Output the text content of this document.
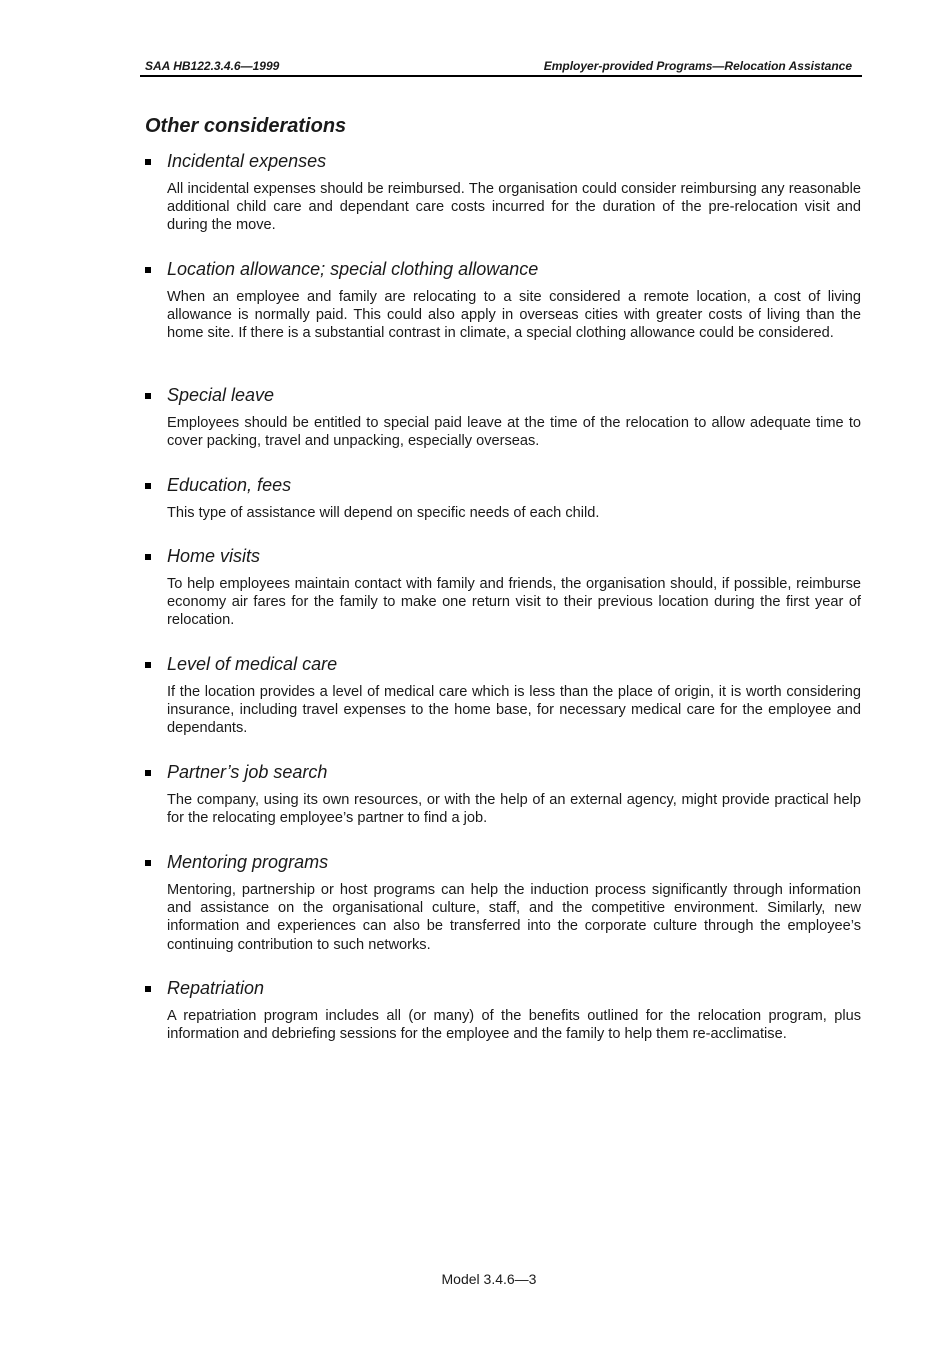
SAA HB122.3.4.6—1999	Employer-provided Programs—Relocation Assistance
Other considerations
Incidental expenses

All incidental expenses should be reimbursed. The organisation could consider reimbursing any reasonable additional child care and dependant care costs incurred for the duration of the pre-relocation visit and during the move.

Location allowance; special clothing allowance

When an employee and family are relocating to a site considered a remote location, a cost of living allowance is normally paid. This could also apply in overseas cities with greater costs of living than the home site. If there is a substantial contrast in climate, a special clothing allowance could be considered.

Special leave

Employees should be entitled to special paid leave at the time of the relocation to allow adequate time to cover packing, travel and unpacking, especially overseas.

Education, fees

This type of assistance will depend on specific needs of each child.

Home visits

To help employees maintain contact with family and friends, the organisation should, if possible, reimburse economy air fares for the family to make one return visit to their previous location during the first year of relocation.

Level of medical care

If the location provides a level of medical care which is less than the place of origin, it is worth considering insurance, including travel expenses to the home base, for necessary medical care for the employee and dependants.

Partner’s job search

The company, using its own resources, or with the help of an external agency, might provide practical help for the relocating employee’s partner to find a job.

Mentoring programs

Mentoring, partnership or host programs can help the induction process significantly through information and assistance on the organisational culture, staff, and the competitive environment. Similarly, new information and experiences can also be transferred into the corporate culture through the employee’s continuing contribution to such networks.

Repatriation

A repatriation program includes all (or many) of the benefits outlined for the relocation program, plus information and debriefing sessions for the employee and the family to help them re-acclimatise.

Model 3.4.6—3
